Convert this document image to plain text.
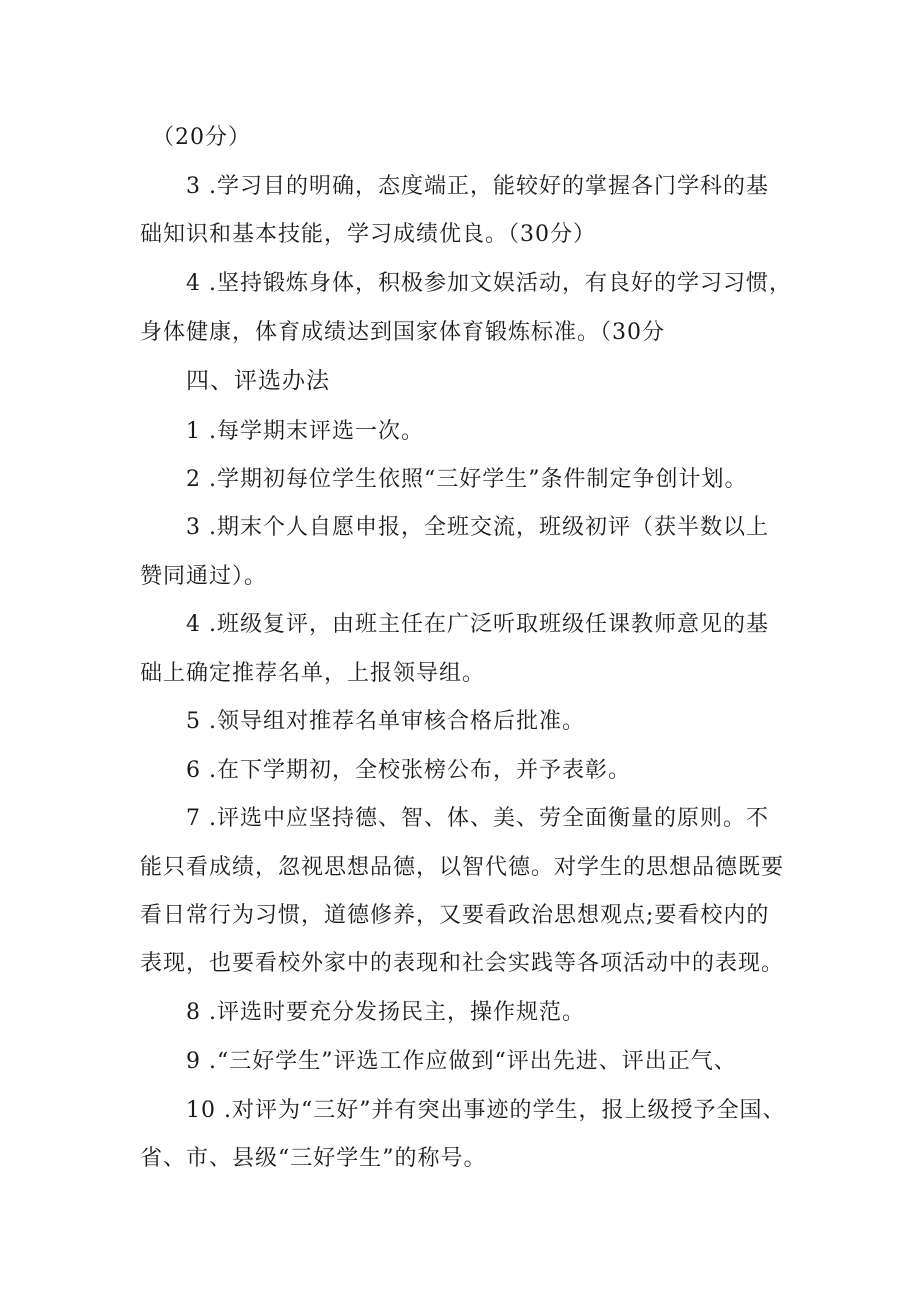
（20分）
3 .学习目的明确，态度端正，能较好的掌握各门学科的基
础知识和基本技能，学习成绩优良。（30分）
4 .坚持锻炼身体，积极参加文娱活动，有良好的学习习惯，
身体健康，体育成绩达到国家体育锻炼标准。（30分
四、评选办法
1 .每学期末评选一次。
2 .学期初每位学生依照“三好学生”条件制定争创计划。
3 .期末个人自愿申报，全班交流，班级初评（获半数以上
赞同通过）。
4 .班级复评，由班主任在广泛听取班级任课教师意见的基
础上确定推荐名单，上报领导组。
5 .领导组对推荐名单审核合格后批准。
6 .在下学期初，全校张榜公布，并予表彰。
7 .评选中应坚持德、智、体、美、劳全面衡量的原则。不
能只看成绩，忽视思想品德，以智代德。对学生的思想品德既要
看日常行为习惯，道德修养，又要看政治思想观点;要看校内的
表现，也要看校外家中的表现和社会实践等各项活动中的表现。
8 .评选时要充分发扬民主，操作规范。
9 .“三好学生”评选工作应做到“评出先进、评出正气、
10 .对评为“三好”并有突出事迹的学生，报上级授予全国、
省、市、县级“三好学生”的称号。
